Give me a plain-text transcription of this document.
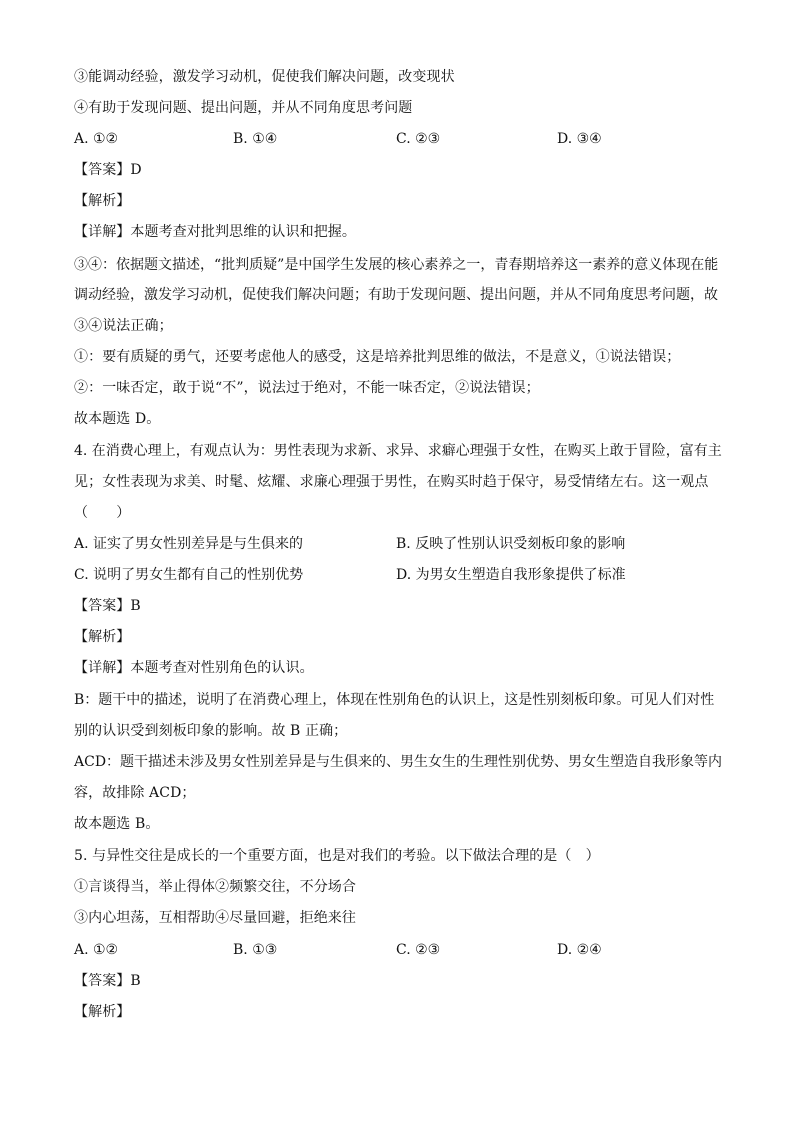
③能调动经验，激发学习动机，促使我们解决问题，改变现状
④有助于发现问题、提出问题，并从不同角度思考问题
A. ①②	B. ①④	C. ②③	D. ③④
【答案】D
【解析】
【详解】本题考查对批判思维的认识和把握。
③④：依据题文描述，“批判质疑”是中国学生发展的核心素养之一，青春期培养这一素养的意义体现在能
调动经验，激发学习动机，促使我们解决问题；有助于发现问题、提出问题，并从不同角度思考问题，故
③④说法正确；
①：要有质疑的勇气，还要考虑他人的感受，这是培养批判思维的做法，不是意义，①说法错误；
②：一味否定，敢于说“不”，说法过于绝对，不能一味否定，②说法错误；
故本题选 D。
4. 在消费心理上，有观点认为：男性表现为求新、求异、求癖心理强于女性，在购买上敢于冒险，富有主
见；女性表现为求美、时髦、炫耀、求廉心理强于男性，在购买时趋于保守，易受情绪左右。这一观点
（　　）
A. 证实了男女性别差异是与生俱来的	B. 反映了性别认识受刻板印象的影响
C. 说明了男女生都有自己的性别优势	D. 为男女生塑造自我形象提供了标准
【答案】B
【解析】
【详解】本题考查对性别角色的认识。
B：题干中的描述，说明了在消费心理上，体现在性别角色的认识上，这是性别刻板印象。可见人们对性
别的认识受到刻板印象的影响。故 B 正确；
ACD：题干描述未涉及男女性别差异是与生俱来的、男生女生的生理性别优势、男女生塑造自我形象等内
容，故排除 ACD；
故本题选 B。
5. 与异性交往是成长的一个重要方面，也是对我们的考验。以下做法合理的是（　）
①言谈得当，举止得体②频繁交往，不分场合
③内心坦荡，互相帮助④尽量回避，拒绝来往
A. ①②	B. ①③	C. ②③	D. ②④
【答案】B
【解析】
